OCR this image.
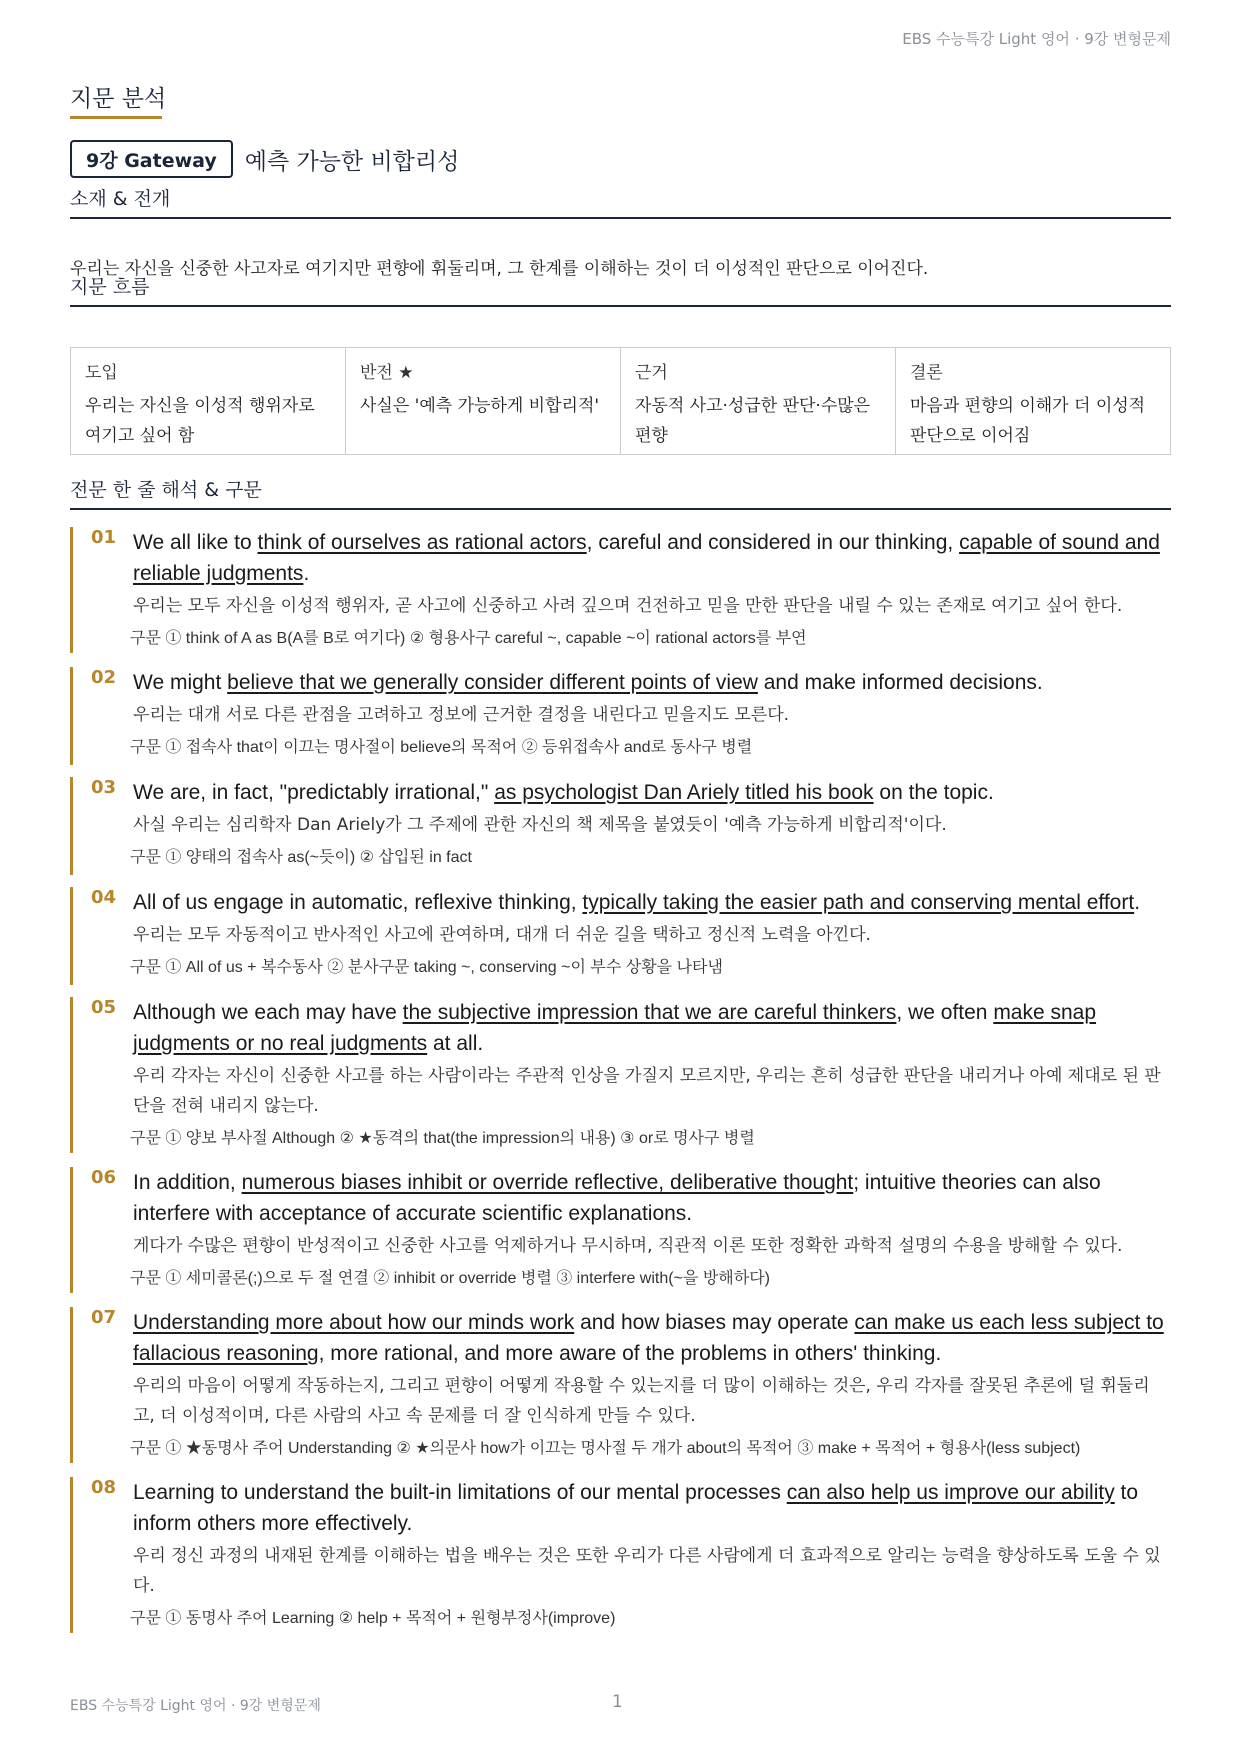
EBS 수능특강 Light 영어 · 9강 변형문제
지문 분석
9강 Gateway	예측 가능한 비합리성
소재 & 전개
우리는 자신을 신중한 사고자로 여기지만 편향에 휘둘리며, 그 한계를 이해하는 것이 더 이성적인 판단으로 이어진다.
지문 흐름
도입
우리는 자신을 이성적 행위자로 여기고 싶어 함
반전 ★
사실은 '예측 가능하게 비합리적'
근거
자동적 사고·성급한 판단·수많은 편향
결론
마음과 편향의 이해가 더 이성적 판단으로 이어짐
전문 한 줄 해석 & 구문
01 We all like to think of ourselves as rational actors, careful and considered in our thinking, capable of sound and reliable judgments.
우리는 모두 자신을 이성적 행위자, 곧 사고에 신중하고 사려 깊으며 건전하고 믿을 만한 판단을 내릴 수 있는 존재로 여기고 싶어 한다.
구문 ① think of A as B(A를 B로 여기다) ② 형용사구 careful ~, capable ~이 rational actors를 부연
02 We might believe that we generally consider different points of view and make informed decisions.
우리는 대개 서로 다른 관점을 고려하고 정보에 근거한 결정을 내린다고 믿을지도 모른다.
구문 ① 접속사 that이 이끄는 명사절이 believe의 목적어 ② 등위접속사 and로 동사구 병렬
03 We are, in fact, "predictably irrational," as psychologist Dan Ariely titled his book on the topic.
사실 우리는 심리학자 Dan Ariely가 그 주제에 관한 자신의 책 제목을 붙였듯이 '예측 가능하게 비합리적'이다.
구문 ① 양태의 접속사 as(~듯이) ② 삽입된 in fact
04 All of us engage in automatic, reflexive thinking, typically taking the easier path and conserving mental effort.
우리는 모두 자동적이고 반사적인 사고에 관여하며, 대개 더 쉬운 길을 택하고 정신적 노력을 아낀다.
구문 ① All of us + 복수동사 ② 분사구문 taking ~, conserving ~이 부수 상황을 나타냄
05 Although we each may have the subjective impression that we are careful thinkers, we often make snap judgments or no real judgments at all.
우리 각자는 자신이 신중한 사고를 하는 사람이라는 주관적 인상을 가질지 모르지만, 우리는 흔히 성급한 판단을 내리거나 아예 제대로 된 판단을 전혀 내리지 않는다.
구문 ① 양보 부사절 Although ② ★동격의 that(the impression의 내용) ③ or로 명사구 병렬
06 In addition, numerous biases inhibit or override reflective, deliberative thought; intuitive theories can also interfere with acceptance of accurate scientific explanations.
게다가 수많은 편향이 반성적이고 신중한 사고를 억제하거나 무시하며, 직관적 이론 또한 정확한 과학적 설명의 수용을 방해할 수 있다.
구문 ① 세미콜론(;)으로 두 절 연결 ② inhibit or override 병렬 ③ interfere with(~을 방해하다)
07 Understanding more about how our minds work and how biases may operate can make us each less subject to fallacious reasoning, more rational, and more aware of the problems in others' thinking.
우리의 마음이 어떻게 작동하는지, 그리고 편향이 어떻게 작용할 수 있는지를 더 많이 이해하는 것은, 우리 각자를 잘못된 추론에 덜 휘둘리고, 더 이성적이며, 다른 사람의 사고 속 문제를 더 잘 인식하게 만들 수 있다.
구문 ① ★동명사 주어 Understanding ② ★의문사 how가 이끄는 명사절 두 개가 about의 목적어 ③ make + 목적어 + 형용사(less subject)
08 Learning to understand the built-in limitations of our mental processes can also help us improve our ability to inform others more effectively.
우리 정신 과정의 내재된 한계를 이해하는 법을 배우는 것은 또한 우리가 다른 사람에게 더 효과적으로 알리는 능력을 향상하도록 도울 수 있다.
구문 ① 동명사 주어 Learning ② help + 목적어 + 원형부정사(improve)
EBS 수능특강 Light 영어 · 9강 변형문제	1
